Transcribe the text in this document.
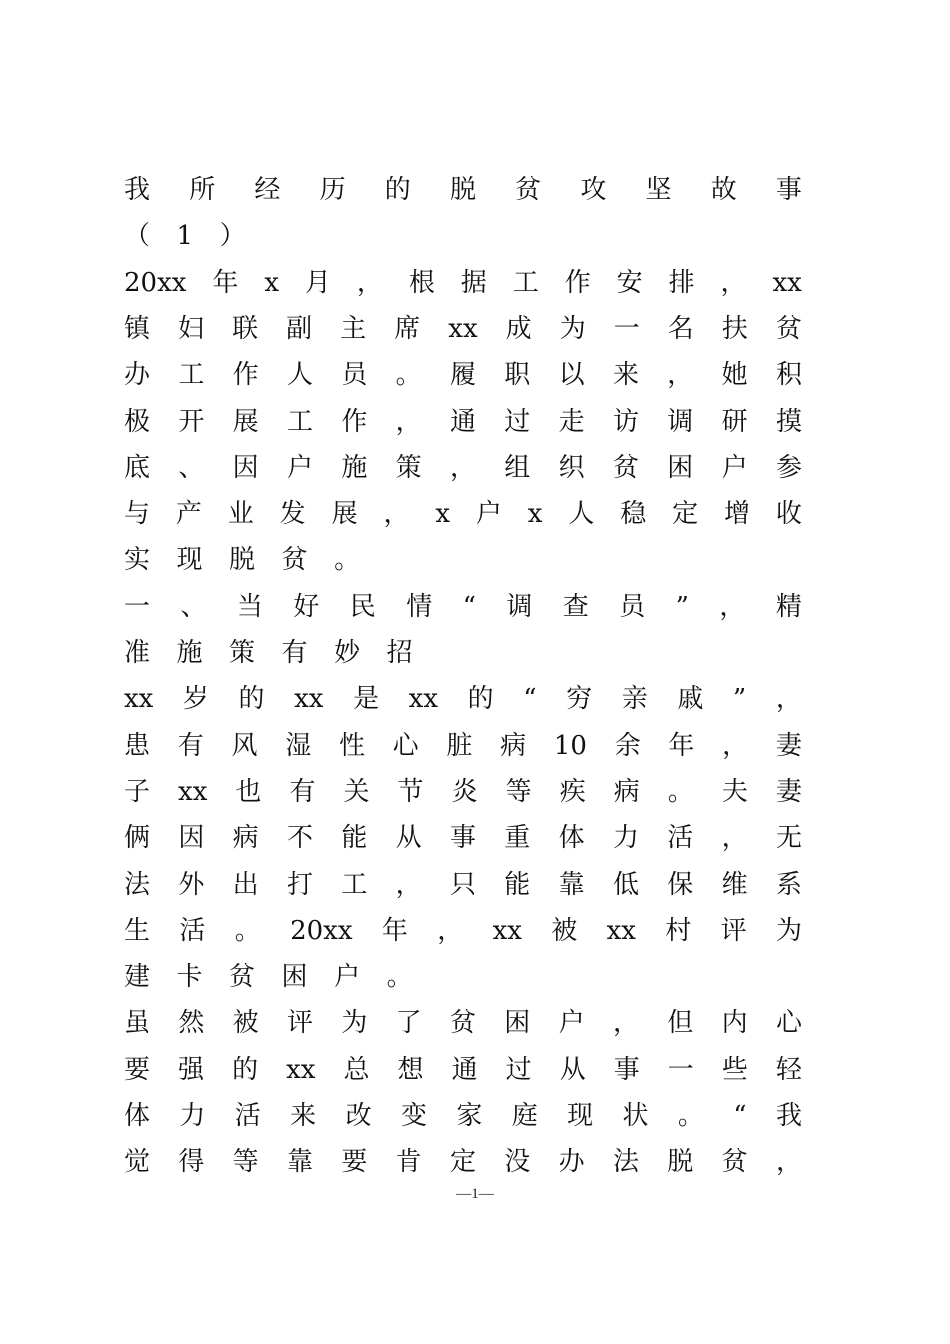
我 所 经 历 的 脱 贫 攻 坚 故 事
（ 1 ）
20xx 年 x 月 ， 根 据 工 作 安 排 ， xx
镇 妇 联 副 主 席 xx 成 为 一 名 扶 贫
办 工 作 人 员 。 履 职 以 来 ， 她 积
极 开 展 工 作 ， 通 过 走 访 调 研 摸
底 、 因 户 施 策 ， 组 织 贫 困 户 参
与 产 业 发 展 ， x 户 x 人 稳 定 增 收
实 现 脱 贫 。
一 、 当 好 民 情 “ 调 查 员 ” ， 精
准 施 策 有 妙 招
xx 岁 的 xx 是 xx 的 “ 穷 亲 戚 ” ，
患 有 风 湿 性 心 脏 病 10 余 年 ， 妻
子 xx 也 有 关 节 炎 等 疾 病 。 夫 妻
俩 因 病 不 能 从 事 重 体 力 活 ， 无
法 外 出 打 工 ， 只 能 靠 低 保 维 系
生 活 。 20xx 年 ， xx 被 xx 村 评 为
建 卡 贫 困 户 。
虽 然 被 评 为 了 贫 困 户 ， 但 内 心
要 强 的 xx 总 想 通 过 从 事 一 些 轻
体 力 活 来 改 变 家 庭 现 状 。 “ 我
觉 得 等 靠 要 肯 定 没 办 法 脱 贫 ，
—1—
